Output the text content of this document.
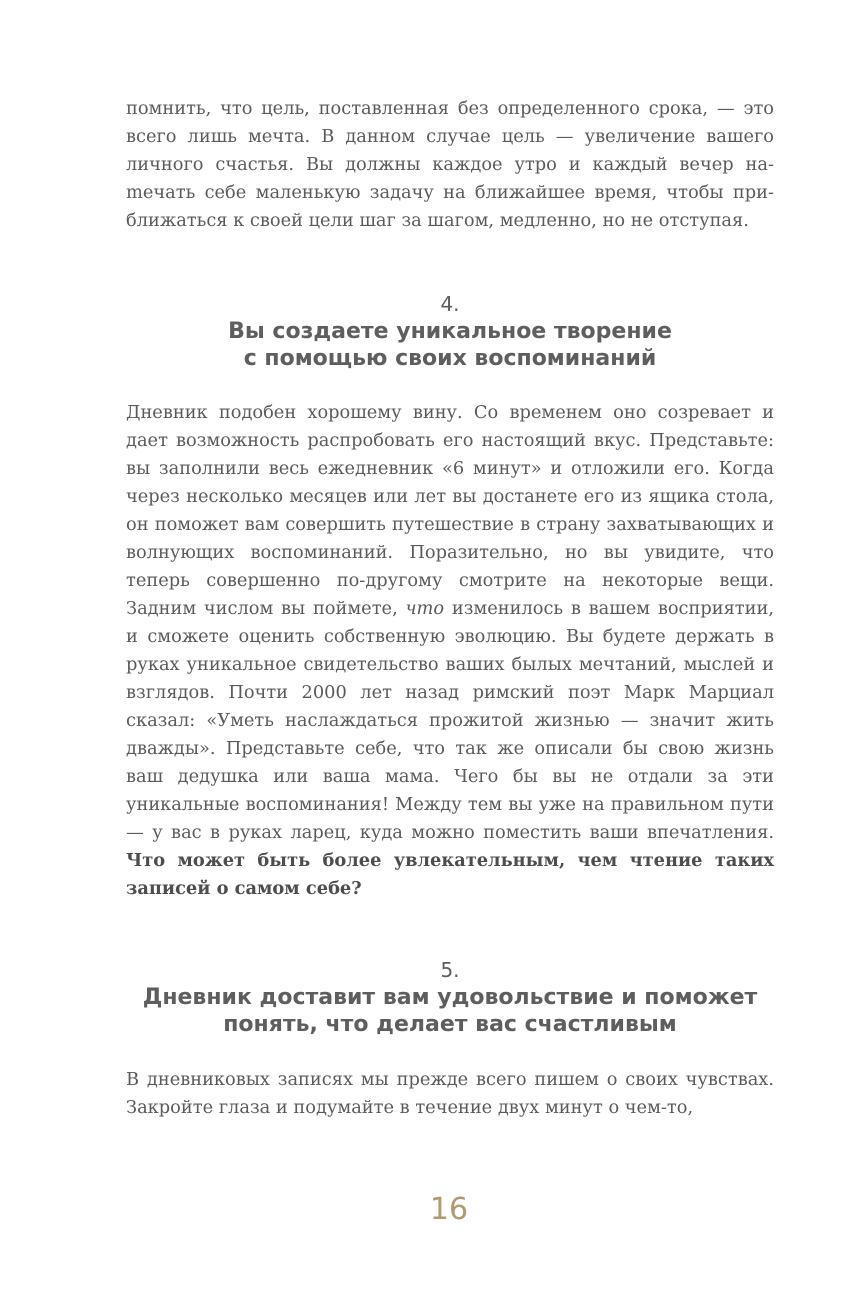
помнить, что цель, поставленная без определенного срока, — это всего лишь мечта. В данном случае цель — увеличение вашего личного счастья. Вы должны каждое утро и каждый вечер наmечать себе маленькую задачу на ближайшее время, чтобы приближаться к своей цели шаг за шагом, медленно, но не отступая.

4.
Вы создаете уникальное творение
с помощью своих воспоминаний

Дневник подобен хорошему вину. Со временем оно созревает и дает возможность распробовать его настоящий вкус. Представьте: вы заполнили весь ежедневник «6 минут» и отложили его. Когда через несколько месяцев или лет вы достанете его из ящика стола, он поможет вам совершить путешествие в страну захватывающих и волнующих воспоминаний. Поразительно, но вы увидите, что теперь совершенно по-другому смотрите на некоторые вещи. Задним числом вы поймете, что изменилось в вашем восприятии, и сможете оценить собственную эволюцию. Вы будете держать в руках уникальное свидетельство ваших былых мечтаний, мыслей и взглядов. Почти 2000 лет назад римский поэт Марк Марциал сказал: «Уметь наслаждаться прожитой жизнью — значит жить дважды». Представьте себе, что так же описали бы свою жизнь ваш дедушка или ваша мама. Чего бы вы не отдали за эти уникальные воспоминания! Между тем вы уже на правильном пути — у вас в руках ларец, куда можно поместить ваши впечатления. Что может быть более увлекательным, чем чтение таких записей о самом себе?

5.
Дневник доставит вам удовольствие и поможет
понять, что делает вас счастливым

В дневниковых записях мы прежде всего пишем о своих чувствах. Закройте глаза и подумайте в течение двух минут о чем-то,

16
